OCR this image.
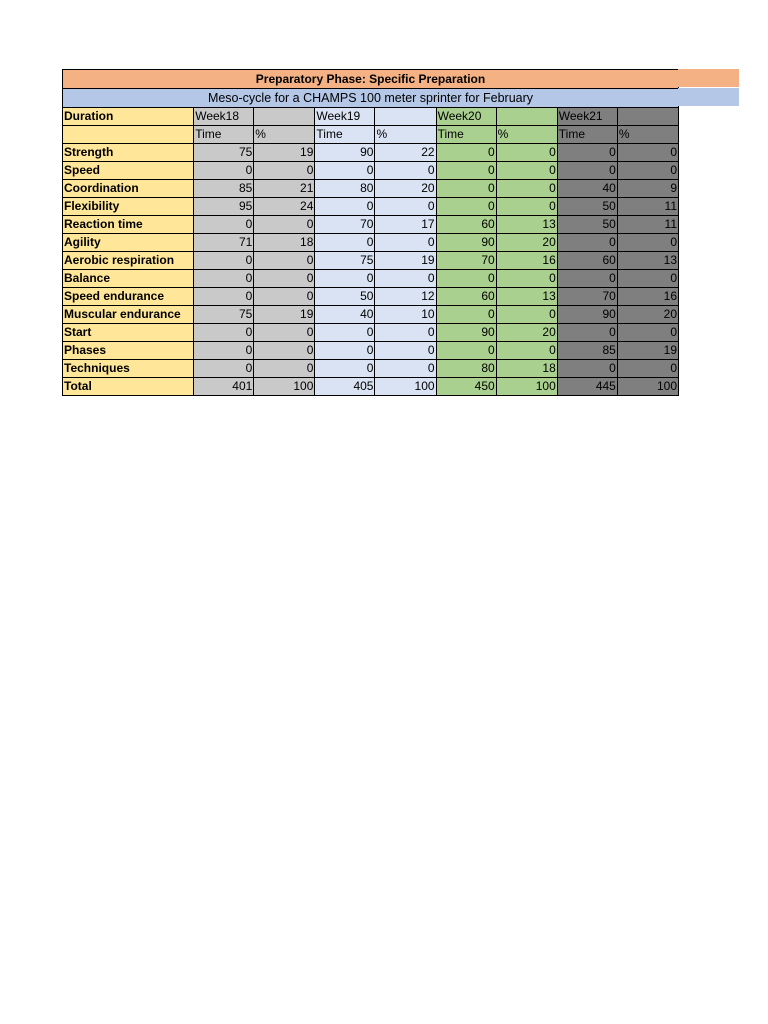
Preparatory Phase: Specific Preparation
Meso-cycle for a CHAMPS 100 meter sprinter for February
Duration	Week18		Week19		Week20		Week21	
	Time	%	Time	%	Time	%	Time	%
Strength	75	19	90	22	0	0	0	0
Speed	0	0	0	0	0	0	0	0
Coordination	85	21	80	20	0	0	40	9
Flexibility	95	24	0	0	0	0	50	11
Reaction time	0	0	70	17	60	13	50	11
Agility	71	18	0	0	90	20	0	0
Aerobic respiration	0	0	75	19	70	16	60	13
Balance	0	0	0	0	0	0	0	0
Speed endurance	0	0	50	12	60	13	70	16
Muscular endurance	75	19	40	10	0	0	90	20
Start	0	0	0	0	90	20	0	0
Phases	0	0	0	0	0	0	85	19
Techniques	0	0	0	0	80	18	0	0
Total	401	100	405	100	450	100	445	100
